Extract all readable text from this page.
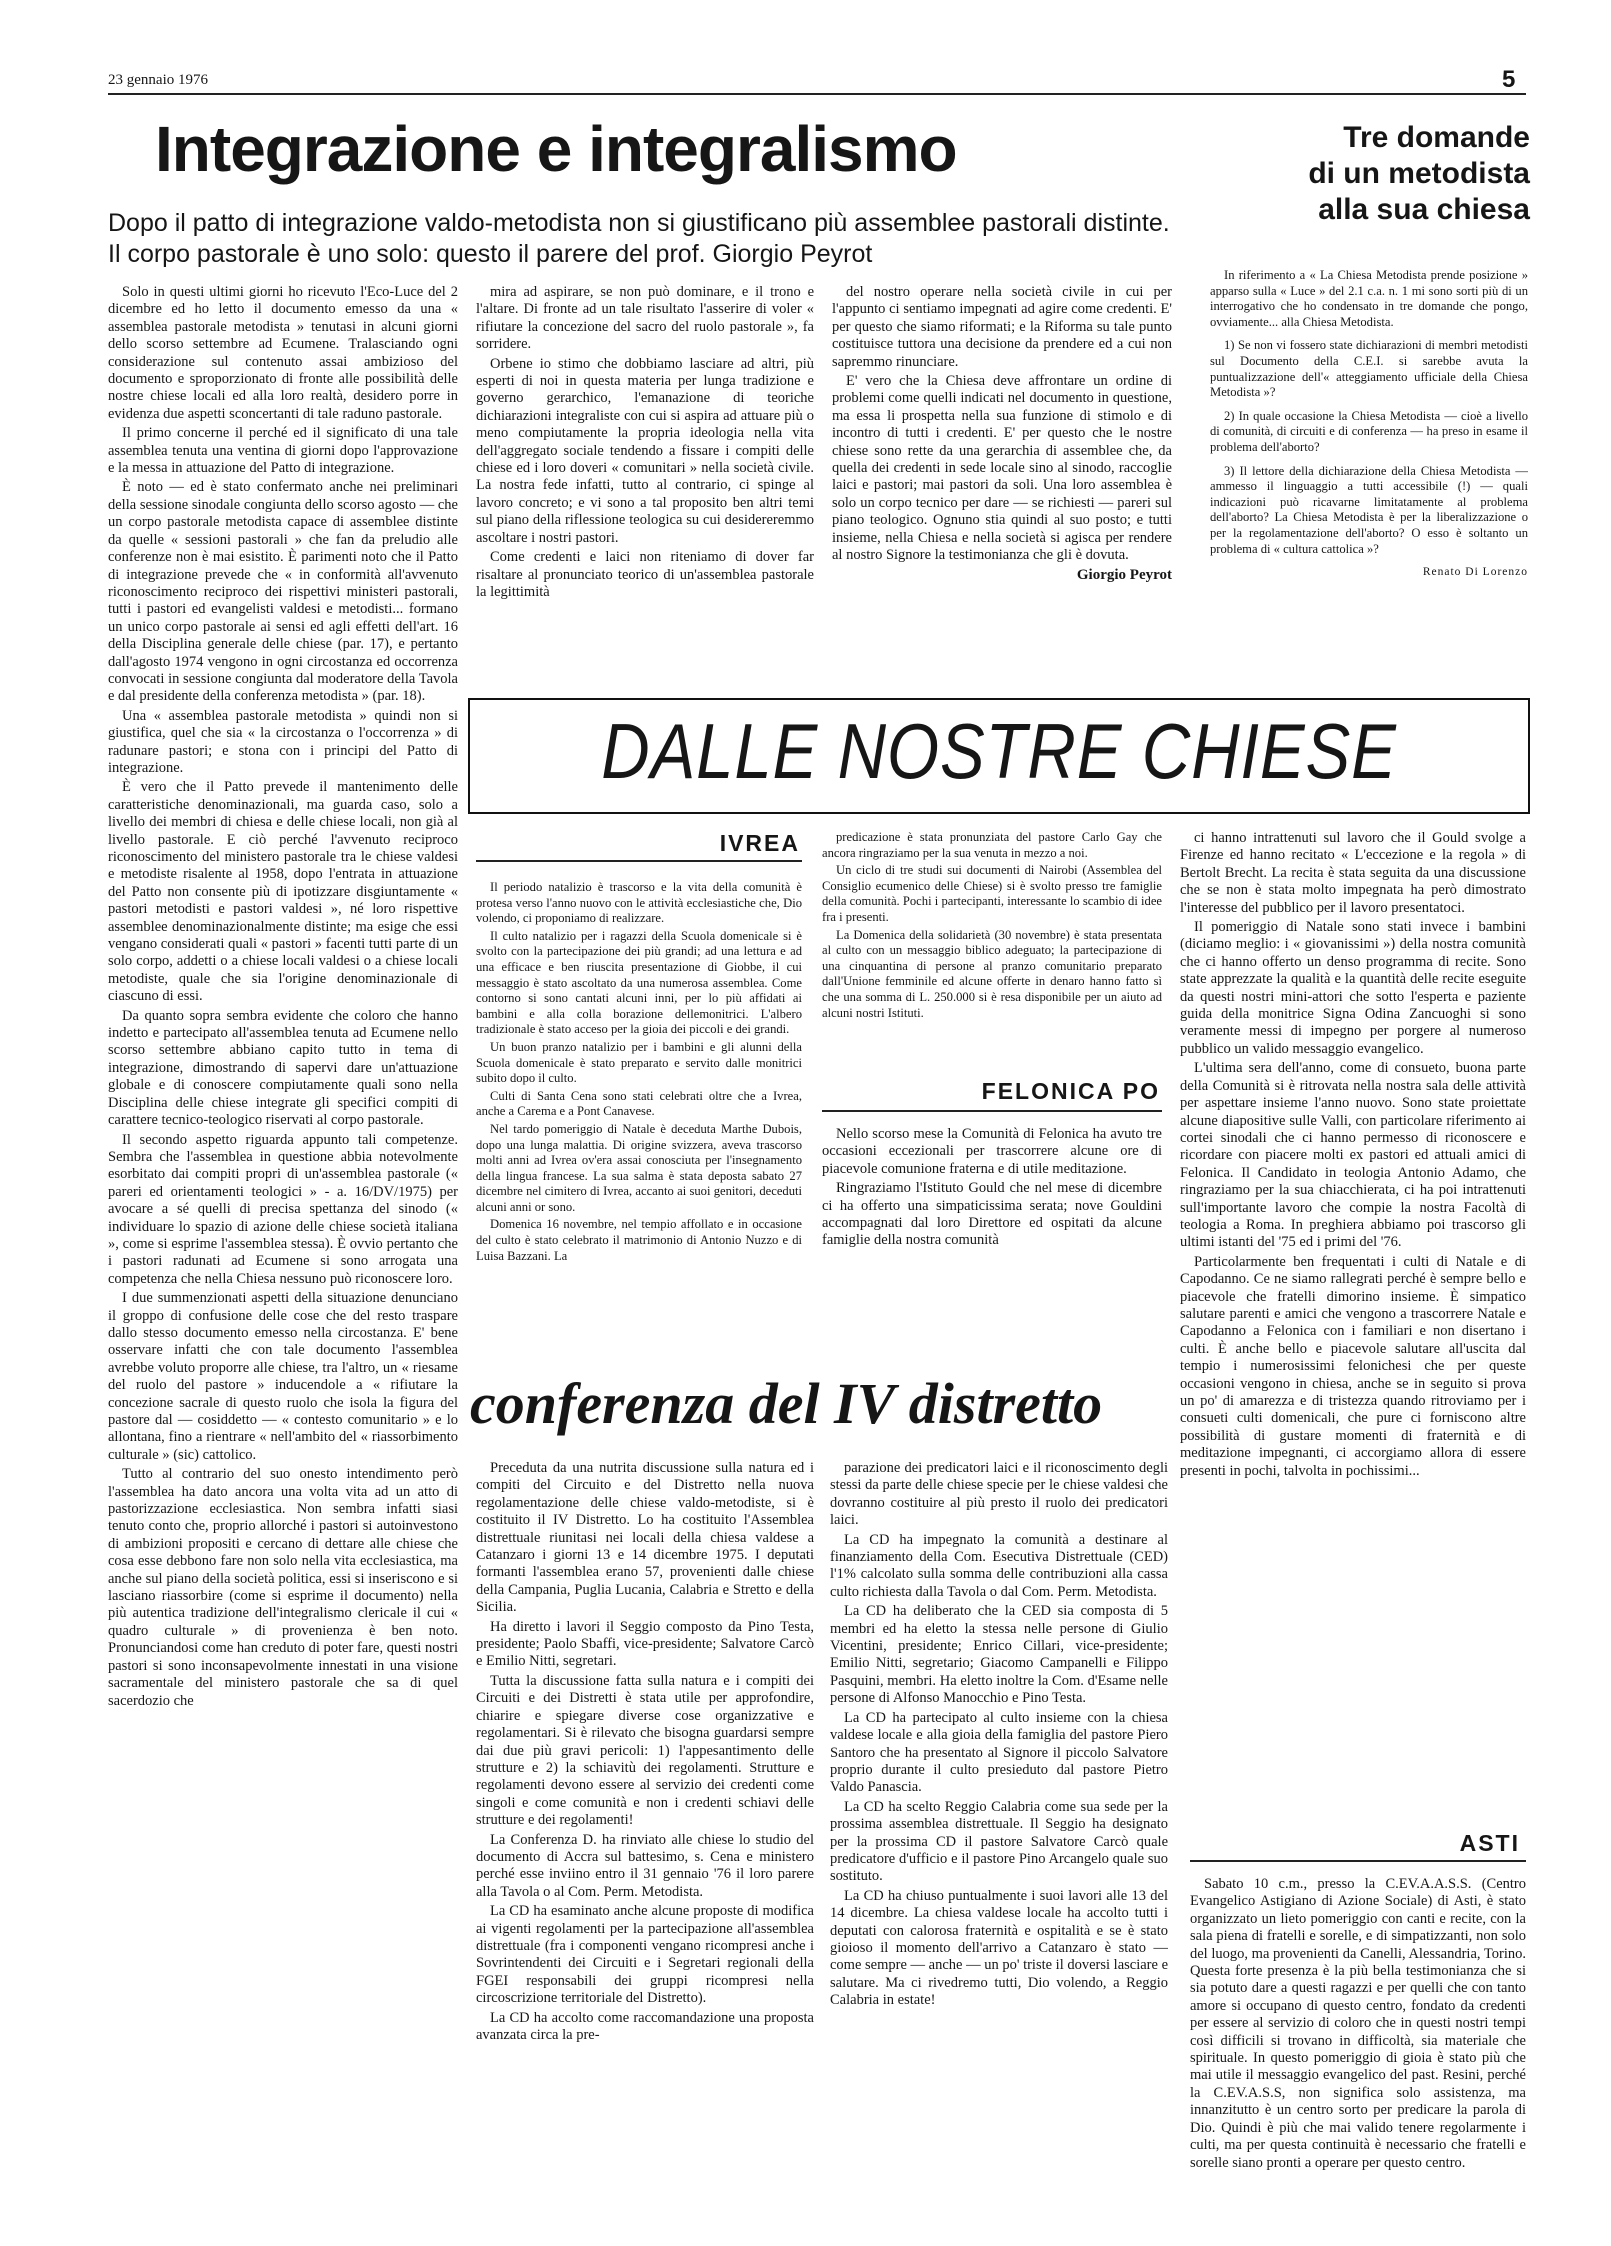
23 gennaio 1976	5
Integrazione e integralismo
Dopo il patto di integrazione valdo-metodista non si giustificano più assemblee pastorali distinte. Il corpo pastorale è uno solo: questo il parere del prof. Giorgio Peyrot
Tre domande
di un metodista
alla sua chiesa

Solo in questi ultimi giorni ho ricevuto l'Eco-Luce del 2 dicembre ed ho letto il documento emesso da una « assemblea pastorale metodista » tenutasi in alcuni giorni dello scorso settembre ad Ecumene. Tralasciando ogni considerazione sul contenuto assai ambizioso del documento e sproporzionato di fronte alle possibilità delle nostre chiese locali ed alla loro realtà, desidero porre in evidenza due aspetti sconcertanti di tale raduno pastorale.

Il primo concerne il perché ed il significato di una tale assemblea tenuta una ventina di giorni dopo l'approvazione e la messa in attuazione del Patto di integrazione.

È noto — ed è stato confermato anche nei preliminari della sessione sinodale congiunta dello scorso agosto — che un corpo pastorale metodista capace di assemblee distinte da quelle « sessioni pastorali » che fan da preludio alle conferenze non è mai esistito. È parimenti noto che il Patto di integrazione prevede che « in conformità all'avvenuto riconoscimento reciproco dei rispettivi ministeri pastorali, tutti i pastori ed evangelisti valdesi e metodisti... formano un unico corpo pastorale ai sensi ed agli effetti dell'art. 16 della Disciplina generale delle chiese (par. 17), e pertanto dall'agosto 1974 vengono in ogni circostanza ed occorrenza convocati in sessione congiunta dal moderatore della Tavola e dal presidente della conferenza metodista » (par. 18).

Una « assemblea pastorale metodista » quindi non si giustifica, quel che sia « la circostanza o l'occorrenza » di radunare pastori; e stona con i principi del Patto di integrazione.

È vero che il Patto prevede il mantenimento delle caratteristiche denominazionali, ma guarda caso, solo a livello dei membri di chiesa e delle chiese locali, non già al livello pastorale. E ciò perché l'avvenuto reciproco riconoscimento del ministero pastorale tra le chiese valdesi e metodiste risalente al 1958, dopo l'entrata in attuazione del Patto non consente più di ipotizzare disgiuntamente « pastori metodisti e pastori valdesi », né loro rispettive assemblee denominazionalmente distinte; ma esige che essi vengano considerati quali « pastori » facenti tutti parte di un solo corpo, addetti o a chiese locali valdesi o a chiese locali metodiste, quale che sia l'origine denominazionale di ciascuno di essi.

Da quanto sopra sembra evidente che coloro che hanno indetto e partecipato all'assemblea tenuta ad Ecumene nello scorso settembre abbiano capito tutto in tema di integrazione, dimostrando di sapervi dare un'attuazione globale e di conoscere compiutamente quali sono nella Disciplina delle chiese integrate gli specifici compiti di carattere tecnico-teologico riservati al corpo pastorale.

Il secondo aspetto riguarda appunto tali competenze. Sembra che l'assemblea in questione abbia notevolmente esorbitato dai compiti propri di un'assemblea pastorale (« pareri ed orientamenti teologici » - a. 16/DV/1975) per avocare a sé quelli di precisa spettanza del sinodo (« individuare lo spazio di azione delle chiese società italiana », come si esprime l'assemblea stessa). È ovvio pertanto che i pastori radunati ad Ecumene si sono arrogata una competenza che nella Chiesa nessuno può riconoscere loro.

I due summenzionati aspetti della situazione denunciano il groppo di confusione delle cose che del resto traspare dallo stesso documento emesso nella circostanza. E' bene osservare infatti che con tale documento l'assemblea avrebbe voluto proporre alle chiese, tra l'altro, un « riesame del ruolo del pastore » inducendole a « rifiutare la concezione sacrale di questo ruolo che isola la figura del pastore dal — cosiddetto — « contesto comunitario » e lo allontana, fino a rientrare « nell'ambito del « riassorbimento culturale » (sic) cattolico.

Tutto al contrario del suo onesto intendimento però l'assemblea ha dato ancora una volta vita ad un atto di pastorizzazione ecclesiastica. Non sembra infatti siasi tenuto conto che, proprio allorché i pastori si autoinvestono di ambizioni propositi e cercano di dettare alle chiese che cosa esse debbono fare non solo nella vita ecclesiastica, ma anche sul piano della società politica, essi si inseriscono e si lasciano riassorbire (come si esprime il documento) nella più autentica tradizione dell'integralismo clericale il cui « quadro culturale » di provenienza è ben noto. Pronunciandosi come han creduto di poter fare, questi nostri pastori si sono inconsapevolmente innestati in una visione sacramentale del ministero pastorale che sa di quel sacerdozio che

mira ad aspirare, se non può dominare, e il trono e l'altare. Di fronte ad un tale risultato l'asserire di voler « rifiutare la concezione del sacro del ruolo pastorale », fa sorridere.

Orbene io stimo che dobbiamo lasciare ad altri, più esperti di noi in questa materia per lunga tradizione e governo gerarchico, l'emanazione di teoriche dichiarazioni integraliste con cui si aspira ad attuare più o meno compiutamente la propria ideologia nella vita dell'aggregato sociale tendendo a fissare i compiti delle chiese ed i loro doveri « comunitari » nella società civile. La nostra fede infatti, tutto al contrario, ci spinge al lavoro concreto; e vi sono a tal proposito ben altri temi sul piano della riflessione teologica su cui desidereremmo ascoltare i nostri pastori.

Come credenti e laici non riteniamo di dover far risaltare al pronunciato teorico di un'assemblea pastorale la legittimità

del nostro operare nella società civile in cui per l'appunto ci sentiamo impegnati ad agire come credenti. E' per questo che siamo riformati; e la Riforma su tale punto costituisce tuttora una decisione da prendere ed a cui non sapremmo rinunciare.

E' vero che la Chiesa deve affrontare un ordine di problemi come quelli indicati nel documento in questione, ma essa li prospetta nella sua funzione di stimolo e di incontro di tutti i credenti. E' per questo che le nostre chiese sono rette da una gerarchia di assemblee che, da quella dei credenti in sede locale sino al sinodo, raccoglie laici e pastori; mai pastori da soli. Una loro assemblea è solo un corpo tecnico per dare — se richiesti — pareri sul piano teologico. Ognuno stia quindi al suo posto; e tutti insieme, nella Chiesa e nella società si agisca per rendere al nostro Signore la testimonianza che gli è dovuta.

Giorgio Peyrot

In riferimento a « La Chiesa Metodista prende posizione » apparso sulla « Luce » del 2.1 c.a. n. 1 mi sono sorti più di un interrogativo che ho condensato in tre domande che pongo, ovviamente... alla Chiesa Metodista.

1) Se non vi fossero state dichiarazioni di membri metodisti sul Documento della C.E.I. si sarebbe avuta la puntualizzazione dell'« atteggiamento ufficiale della Chiesa Metodista »?

2) In quale occasione la Chiesa Metodista — cioè a livello di comunità, di circuiti e di conferenza — ha preso in esame il problema dell'aborto?

3) Il lettore della dichiarazione della Chiesa Metodista — ammesso il linguaggio a tutti accessibile (!) — quali indicazioni può ricavarne limitatamente al problema dell'aborto? La Chiesa Metodista è per la liberalizzazione o per la regolamentazione dell'aborto? O esso è soltanto un problema di « cultura cattolica »?

Renato Di Lorenzo
DALLE NOSTRE CHIESE
IVREA

Il periodo natalizio è trascorso e la vita della comunità è protesa verso l'anno nuovo con le attività ecclesiastiche che, Dio volendo, ci proponiamo di realizzare.

Il culto natalizio per i ragazzi della Scuola domenicale si è svolto con la partecipazione dei più grandi; ad una lettura e ad una efficace e ben riuscita presentazione di Giobbe, il cui messaggio è stato ascoltato da una numerosa assemblea. Come contorno si sono cantati alcuni inni, per lo più affidati ai bambini e alla colla borazione dellemonitrici. L'albero tradizionale è stato acceso per la gioia dei piccoli e dei grandi.

Un buon pranzo natalizio per i bambini e gli alunni della Scuola domenicale è stato preparato e servito dalle monitrici subito dopo il culto.

Culti di Santa Cena sono stati celebrati oltre che a Ivrea, anche a Carema e a Pont Canavese.

Nel tardo pomeriggio di Natale è deceduta Marthe Dubois, dopo una lunga malattia. Di origine svizzera, aveva trascorso molti anni ad Ivrea ov'era assai conosciuta per l'insegnamento della lingua francese. La sua salma è stata deposta sabato 27 dicembre nel cimitero di Ivrea, accanto ai suoi genitori, deceduti alcuni anni or sono.

Domenica 16 novembre, nel tempio affollato e in occasione del culto è stato celebrato il matrimonio di Antonio Nuzzo e di Luisa Bazzani. La

predicazione è stata pronunziata del pastore Carlo Gay che ancora ringraziamo per la sua venuta in mezzo a noi.

Un ciclo di tre studi sui documenti di Nairobi (Assemblea del Consiglio ecumenico delle Chiese) si è svolto presso tre famiglie della comunità. Pochi i partecipanti, interessante lo scambio di idee fra i presenti.

La Domenica della solidarietà (30 novembre) è stata presentata al culto con un messaggio biblico adeguato; la partecipazione di una cinquantina di persone al pranzo comunitario preparato dall'Unione femminile ed alcune offerte in denaro hanno fatto sì che una somma di L. 250.000 si è resa disponibile per un aiuto ad alcuni nostri Istituti.

FELONICA PO

Nello scorso mese la Comunità di Felonica ha avuto tre occasioni eccezionali per trascorrere alcune ore di piacevole comunione fraterna e di utile meditazione.

Ringraziamo l'Istituto Gould che nel mese di dicembre ci ha offerto una simpaticissima serata; nove Gouldini accompagnati dal loro Direttore ed ospitati da alcune famiglie della nostra comunità

ci hanno intrattenuti sul lavoro che il Gould svolge a Firenze ed hanno recitato « L'eccezione e la regola » di Bertolt Brecht. La recita è stata seguita da una discussione che se non è stata molto impegnata ha però dimostrato l'interesse del pubblico per il lavoro presentatoci.

Il pomeriggio di Natale sono stati invece i bambini (diciamo meglio: i « giovanissimi ») della nostra comunità che ci hanno offerto un denso programma di recite. Sono state apprezzate la qualità e la quantità delle recite eseguite da questi nostri mini-attori che sotto l'esperta e paziente guida della monitrice Signa Odina Zancuoghi si sono veramente messi di impegno per porgere al numeroso pubblico un valido messaggio evangelico.

L'ultima sera dell'anno, come di consueto, buona parte della Comunità si è ritrovata nella nostra sala delle attività per aspettare insieme l'anno nuovo. Sono state proiettate alcune diapositive sulle Valli, con particolare riferimento ai cortei sinodali che ci hanno permesso di riconoscere e ricordare con piacere molti ex pastori ed attuali amici di Felonica. Il Candidato in teologia Antonio Adamo, che ringraziamo per la sua chiacchierata, ci ha poi intrattenuti sull'importante lavoro che compie la nostra Facoltà di teologia a Roma. In preghiera abbiamo poi trascorso gli ultimi istanti del '75 ed i primi del '76.

Particolarmente ben frequentati i culti di Natale e di Capodanno. Ce ne siamo rallegrati perché è sempre bello e piacevole che fratelli dimorino insieme. È simpatico salutare parenti e amici che vengono a trascorrere Natale e Capodanno a Felonica con i familiari e non disertano i culti. È anche bello e piacevole salutare all'uscita dal tempio i numerosissimi felonichesi che per queste occasioni vengono in chiesa, anche se in seguito si prova un po' di amarezza e di tristezza quando ritroviamo per i consueti culti domenicali, che pure ci forniscono altre possibilità di gustare momenti di fraternità e di meditazione impegnanti, ci accorgiamo allora di essere presenti in pochi, talvolta in pochissimi...

conferenza del IV distretto

Preceduta da una nutrita discussione sulla natura ed i compiti del Circuito e del Distretto nella nuova regolamentazione delle chiese valdo-metodiste, si è costituito il IV Distretto. Lo ha costituito l'Assemblea distrettuale riunitasi nei locali della chiesa valdese a Catanzaro i giorni 13 e 14 dicembre 1975. I deputati formanti l'assemblea erano 57, provenienti dalle chiese della Campania, Puglia Lucania, Calabria e Stretto e della Sicilia.

Ha diretto i lavori il Seggio composto da Pino Testa, presidente; Paolo Sbaffi, vice-presidente; Salvatore Carcò e Emilio Nitti, segretari.

Tutta la discussione fatta sulla natura e i compiti dei Circuiti e dei Distretti è stata utile per approfondire, chiarire e spiegare diverse cose organizzative e regolamentari. Si è rilevato che bisogna guardarsi sempre dai due più gravi pericoli: 1) l'appesantimento delle strutture e 2) la schiavitù dei regolamenti. Strutture e regolamenti devono essere al servizio dei credenti come singoli e come comunità e non i credenti schiavi delle strutture e dei regolamenti!

La Conferenza D. ha rinviato alle chiese lo studio del documento di Accra sul battesimo, s. Cena e ministero perché esse inviino entro il 31 gennaio '76 il loro parere alla Tavola o al Com. Perm. Metodista.

La CD ha esaminato anche alcune proposte di modifica ai vigenti regolamenti per la partecipazione all'assemblea distrettuale (fra i componenti vengano ricompresi anche i Sovrintendenti dei Circuiti e i Segretari regionali della FGEI responsabili dei gruppi ricompresi nella circoscrizione territoriale del Distretto).

La CD ha accolto come raccomandazione una proposta avanzata circa la pre-

parazione dei predicatori laici e il riconoscimento degli stessi da parte delle chiese specie per le chiese valdesi che dovranno costituire al più presto il ruolo dei predicatori laici.

La CD ha impegnato la comunità a destinare al finanziamento della Com. Esecutiva Distrettuale (CED) l'1% calcolato sulla somma delle contribuzioni alla cassa culto richiesta dalla Tavola o dal Com. Perm. Metodista.

La CD ha deliberato che la CED sia composta di 5 membri ed ha eletto la stessa nelle persone di Giulio Vicentini, presidente; Enrico Cillari, vice-presidente; Emilio Nitti, segretario; Giacomo Campanelli e Filippo Pasquini, membri. Ha eletto inoltre la Com. d'Esame nelle persone di Alfonso Manocchio e Pino Testa.

La CD ha partecipato al culto insieme con la chiesa valdese locale e alla gioia della famiglia del pastore Piero Santoro che ha presentato al Signore il piccolo Salvatore proprio durante il culto presieduto dal pastore Pietro Valdo Panascia.

La CD ha scelto Reggio Calabria come sua sede per la prossima assemblea distrettuale. Il Seggio ha designato per la prossima CD il pastore Salvatore Carcò quale predicatore d'ufficio e il pastore Pino Arcangelo quale suo sostituto.

La CD ha chiuso puntualmente i suoi lavori alle 13 del 14 dicembre. La chiesa valdese locale ha accolto tutti i deputati con calorosa fraternità e ospitalità e se è stato gioioso il momento dell'arrivo a Catanzaro è stato — come sempre — anche — un po' triste il doversi lasciare e salutare. Ma ci rivedremo tutti, Dio volendo, a Reggio Calabria in estate!

ASTI

Sabato 10 c.m., presso la C.EV.A.A.S.S. (Centro Evangelico Astigiano di Azione Sociale) di Asti, è stato organizzato un lieto pomeriggio con canti e recite, con la sala piena di fratelli e sorelle, e di simpatizzanti, non solo del luogo, ma provenienti da Canelli, Alessandria, Torino. Questa forte presenza è la più bella testimonianza che si sia potuto dare a questi ragazzi e per quelli che con tanto amore si occupano di questo centro, fondato da credenti per essere al servizio di coloro che in questi nostri tempi così difficili si trovano in difficoltà, sia materiale che spirituale. In questo pomeriggio di gioia è stato più che mai utile il messaggio evangelico del past. Resini, perché la C.EV.A.S.S, non significa solo assistenza, ma innanzitutto è un centro sorto per predicare la parola di Dio. Quindi è più che mai valido tenere regolarmente i culti, ma per questa continuità è necessario che fratelli e sorelle siano pronti a operare per questo centro.
